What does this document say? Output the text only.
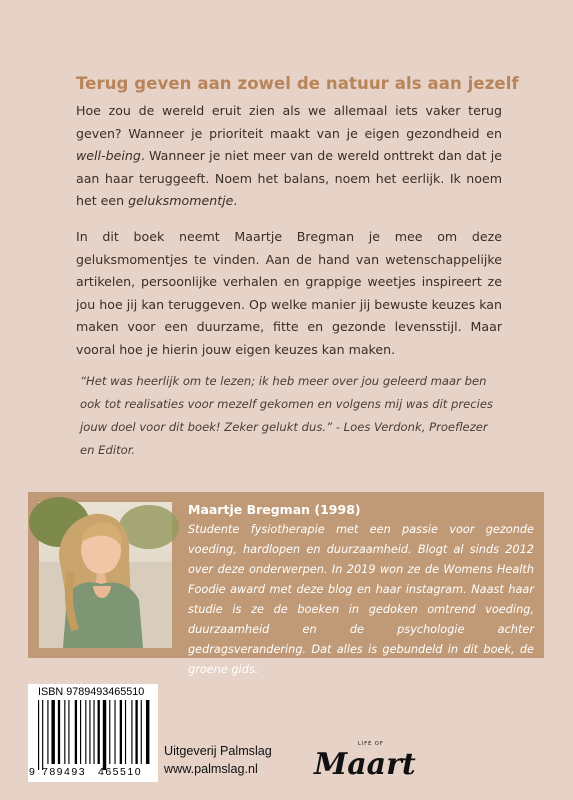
Terug geven aan zowel de natuur als aan jezelf

Hoe zou de wereld eruit zien als we allemaal iets vaker terug geven? Wanneer je prioriteit maakt van je eigen gezondheid en well-being. Wanneer je niet meer van de wereld onttrekt dan dat je aan haar teruggeeft. Noem het balans, noem het eerlijk. Ik noem het een geluksmomentje.

In dit boek neemt Maartje Bregman je mee om deze geluksmomentjes te vinden. Aan de hand van wetenschappelijke artikelen, persoonlijke verhalen en grappige weetjes inspireert ze jou hoe jij kan teruggeven. Op welke manier jij bewuste keuzes kan maken voor een duurzame, fitte en gezonde levensstijl. Maar vooral hoe je hierin jouw eigen keuzes kan maken.
“Het was heerlijk om te lezen; ik heb meer over jou geleerd maar ben ook tot realisaties voor mezelf gekomen en volgens mij was dit precies jouw doel voor dit boek! Zeker gelukt dus.” - Loes Verdonk, Proeflezer en Editor.
Maartje Bregman (1998)
Studente fysiotherapie met een passie voor gezonde voeding, hardlopen en duurzaamheid. Blogt al sinds 2012 over deze onderwerpen. In 2019 won ze de Womens Health Foodie award met deze blog en haar instagram. Naast haar studie is ze de boeken in gedoken omtrend voeding, duurzaamheid en de psychologie achter gedragsverandering. Dat alles is gebundeld in dit boek, de groene gids.
ISBN 9789493465510
9 789493 465510
Uitgeverij Palmslag
www.palmslag.nl
LIFE OF
Maart
